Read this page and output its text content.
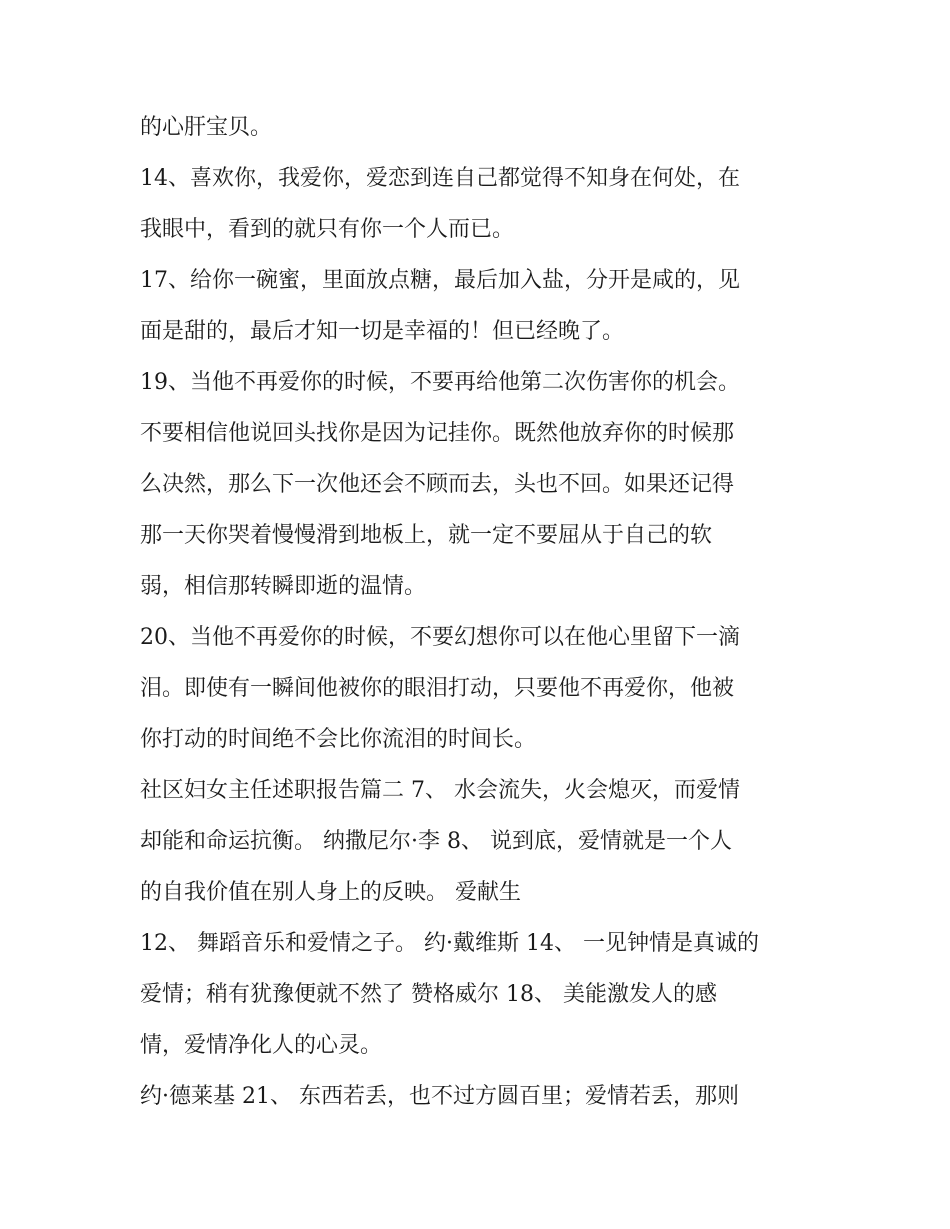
的心肝宝贝。
14、喜欢你，我爱你，爱恋到连自己都觉得不知身在何处，在
我眼中，看到的就只有你一个人而已。
17、给你一碗蜜，里面放点糖，最后加入盐，分开是咸的，见
面是甜的，最后才知一切是幸福的！但已经晚了。
19、当他不再爱你的时候，不要再给他第二次伤害你的机会。
不要相信他说回头找你是因为记挂你。既然他放弃你的时候那
么决然，那么下一次他还会不顾而去，头也不回。如果还记得
那一天你哭着慢慢滑到地板上，就一定不要屈从于自己的软
弱，相信那转瞬即逝的温情。
20、当他不再爱你的时候，不要幻想你可以在他心里留下一滴
泪。即使有一瞬间他被你的眼泪打动，只要他不再爱你，他被
你打动的时间绝不会比你流泪的时间长。
社区妇女主任述职报告篇二 7、 水会流失，火会熄灭，而爱情
却能和命运抗衡。 纳撒尼尔·李 8、 说到底，爱情就是一个人
的自我价值在别人身上的反映。 爱献生
12、 舞蹈音乐和爱情之子。 约·戴维斯 14、 一见钟情是真诚的
爱情；稍有犹豫便就不然了 赞格威尔 18、 美能激发人的感
情，爱情净化人的心灵。
约·德莱基 21、 东西若丢，也不过方圆百里；爱情若丢，那则
